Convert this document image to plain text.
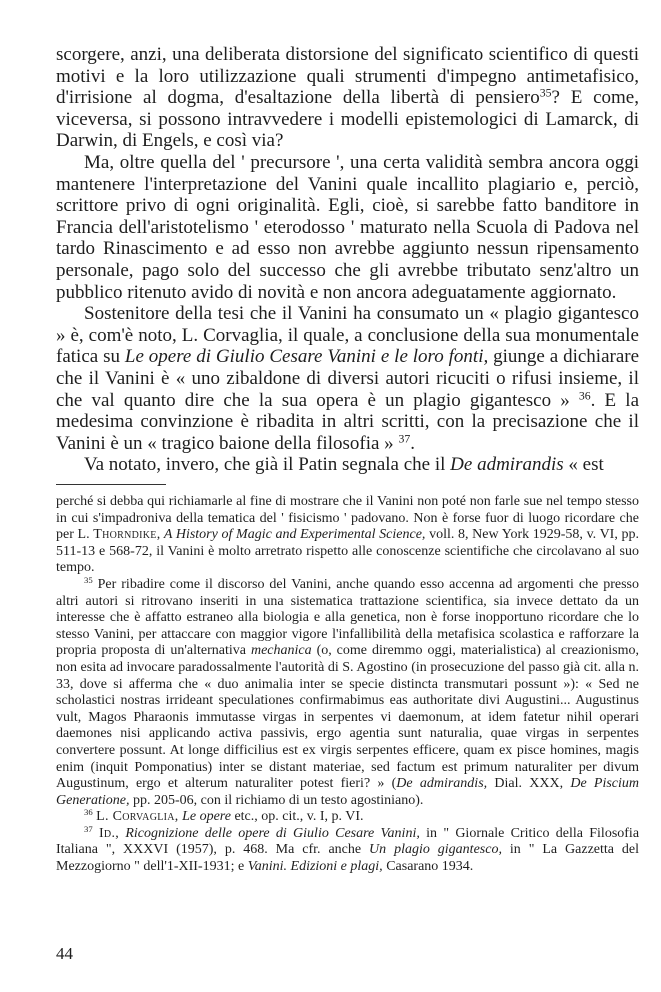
scorgere, anzi, una deliberata distorsione del significato scientifico di questi motivi e la loro utilizzazione quali strumenti d'impegno antimetafisico, d'irrisione al dogma, d'esaltazione della libertà di pensiero$^{35}$? E come, viceversa, si possono intravvedere i modelli epistemologici di Lamarck, di Darwin, di Engels, e così via?

Ma, oltre quella del ' precursore ', una certa validità sembra ancora oggi mantenere l'interpretazione del Vanini quale incallito plagiario e, perciò, scrittore privo di ogni originalità. Egli, cioè, si sarebbe fatto banditore in Francia dell'aristotelismo ' eterodosso ' maturato nella Scuola di Padova nel tardo Rinascimento e ad esso non avrebbe aggiunto nessun ripensamento personale, pago solo del successo che gli avrebbe tributato senz'altro un pubblico ritenuto avido di novità e non ancora adeguatamente aggiornato.

Sostenitore della tesi che il Vanini ha consumato un « plagio gigantesco » è, com'è noto, L. Corvaglia, il quale, a conclusione della sua monumentale fatica su Le opere di Giulio Cesare Vanini e le loro fonti, giunge a dichiarare che il Vanini è « uno zibaldone di diversi autori ricuciti o rifusi insieme, il che val quanto dire che la sua opera è un plagio gigantesco » $^{36}$. E la medesima convinzione è ribadita in altri scritti, con la precisazione che il Vanini è un « tragico baione della filosofia » $^{37}$.

Va notato, invero, che già il Patin segnala che il De admirandis « est

perché si debba qui richiamarle al fine di mostrare che il Vanini non poté non farle sue nel tempo stesso in cui s'impadroniva della tematica del ' fisicismo ' padovano. Non è forse fuor di luogo ricordare che per L. Thorndike, A History of Magic and Experimental Science, voll. 8, New York 1929-58, v. VI, pp. 511-13 e 568-72, il Vanini è molto arretrato rispetto alle conoscenze scientifiche che circolavano al suo tempo.

$^{35}$ Per ribadire come il discorso del Vanini, anche quando esso accenna ad argomenti che presso altri autori si ritrovano inseriti in una sistematica trattazione scientifica, sia invece dettato da un interesse che è affatto estraneo alla biologia e alla genetica, non è forse inopportuno ricordare che lo stesso Vanini, per attaccare con maggior vigore l'infallibilità della metafisica scolastica e rafforzare la propria proposta di un'alternativa mechanica (o, come diremmo oggi, materialistica) al creazionismo, non esita ad invocare paradossalmente l'autorità di S. Agostino (in prosecuzione del passo già cit. alla n. 33, dove si afferma che « duo animalia inter se specie distincta transmutari possunt »): « Sed ne scholastici nostras irrideant speculationes confirmabimus eas authoritate divi Augustini... Augustinus vult, Magos Pharaonis immutasse virgas in serpentes vi daemonum, at idem fatetur nihil operari daemones nisi applicando activa passivis, ergo agentia sunt naturalia, quae virgas in serpentes convertere possunt. At longe difficilius est ex virgis serpentes efficere, quam ex pisce homines, magis enim (inquit Pomponatius) inter se distant materiae, sed factum est primum naturaliter per divum Augustinum, ergo et alterum naturaliter potest fieri? » (De admirandis, Dial. XXX, De Piscium Generatione, pp. 205-06, con il richiamo di un testo agostiniano).

$^{36}$ L. Corvaglia, Le opere etc., op. cit., v. I, p. VI.

$^{37}$ Id., Ricognizione delle opere di Giulio Cesare Vanini, in " Giornale Critico della Filosofia Italiana ", XXXVI (1957), p. 468. Ma cfr. anche Un plagio gigantesco, in " La Gazzetta del Mezzogiorno " dell'1-XII-1931; e Vanini. Edizioni e plagi, Casarano 1934.

44
